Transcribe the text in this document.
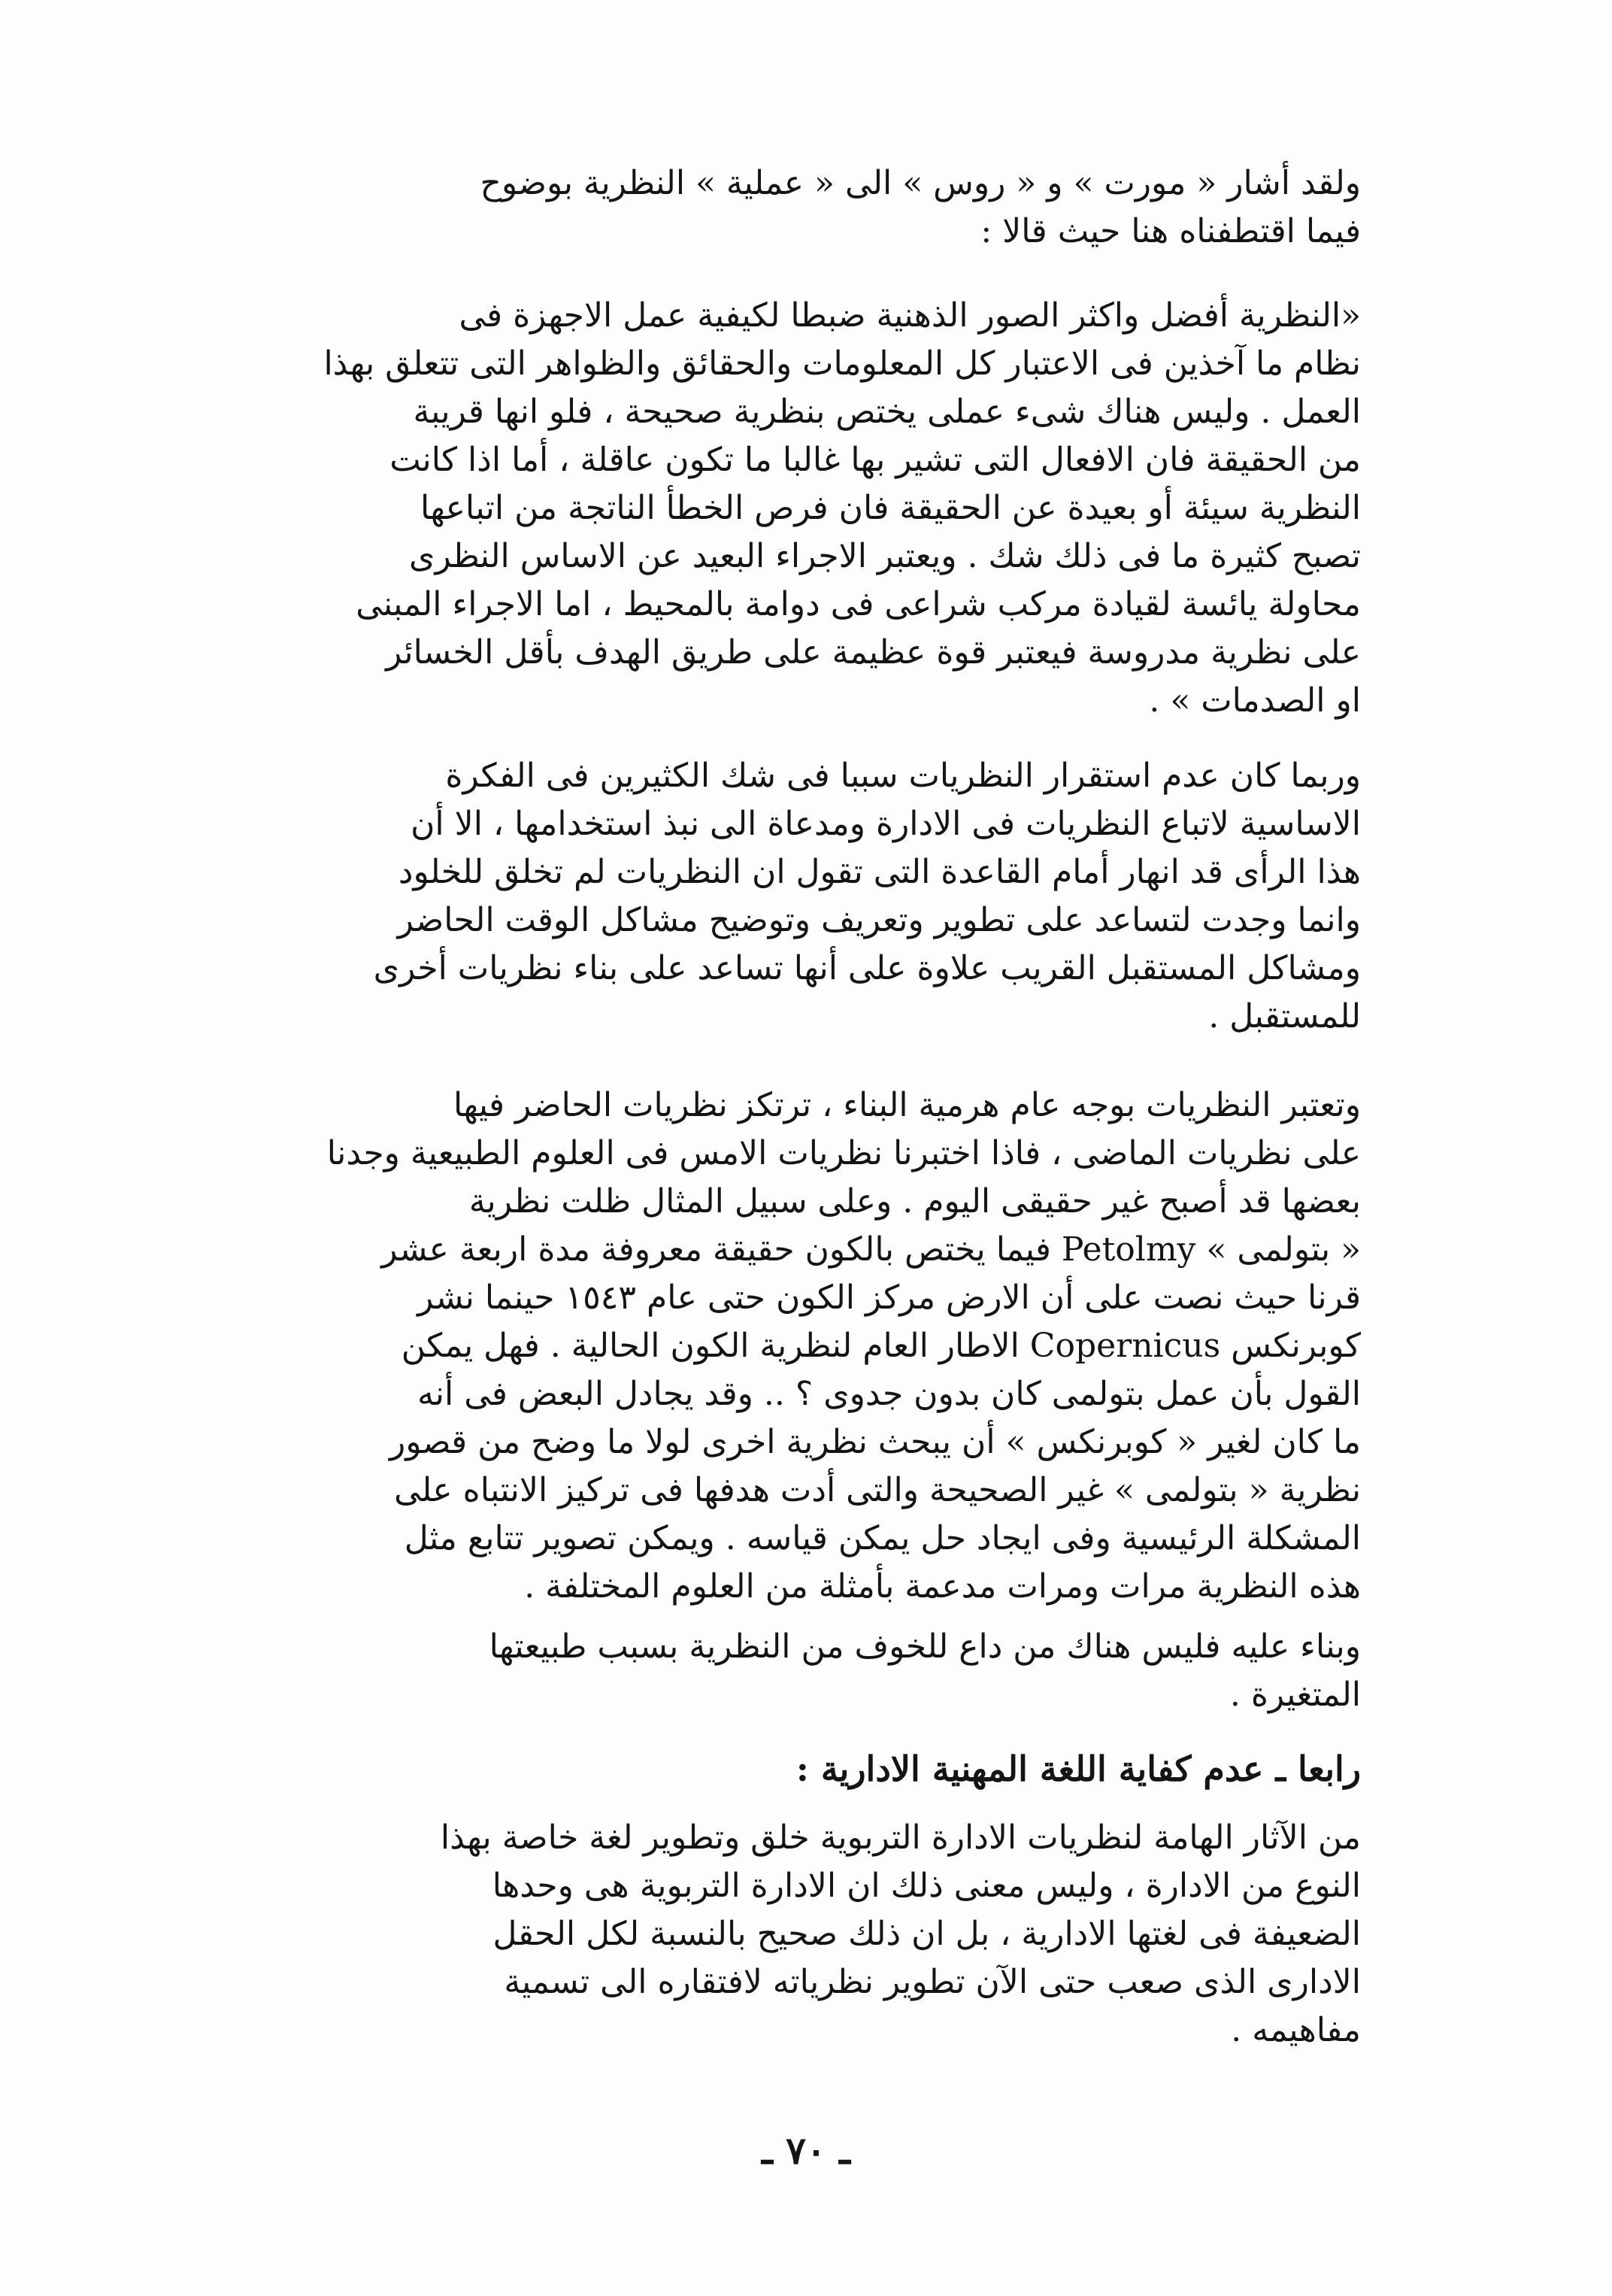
ولقد أشار « مورت » و « روس » الى « عملية » النظرية بوضوح
فيما اقتطفناه هنا حيث قالا :
«النظرية أفضل واكثر الصور الذهنية ضبطا لكيفية عمل الاجهزة فى
نظام ما آخذين فى الاعتبار كل المعلومات والحقائق والظواهر التى تتعلق بهذا
العمل . وليس هناك شىء عملى يختص بنظرية صحيحة ، فلو انها قريبة
من الحقيقة فان الافعال التى تشير بها غالبا ما تكون عاقلة ، أما اذا كانت
النظرية سيئة أو بعيدة عن الحقيقة فان فرص الخطأ الناتجة من اتباعها
تصبح كثيرة ما فى ذلك شك . ويعتبر الاجراء البعيد عن الاساس النظرى
محاولة يائسة لقيادة مركب شراعى فى دوامة بالمحيط ، اما الاجراء المبنى
على نظرية مدروسة فيعتبر قوة عظيمة على طريق الهدف بأقل الخسائر
او الصدمات » .
وربما كان عدم استقرار النظريات سببا فى شك الكثيرين فى الفكرة
الاساسية لاتباع النظريات فى الادارة ومدعاة الى نبذ استخدامها ، الا أن
هذا الرأى قد انهار أمام القاعدة التى تقول ان النظريات لم تخلق للخلود
وانما وجدت لتساعد على تطوير وتعريف وتوضيح مشاكل الوقت الحاضر
ومشاكل المستقبل القريب علاوة على أنها تساعد على بناء نظريات أخرى
للمستقبل .
وتعتبر النظريات بوجه عام هرمية البناء ، ترتكز نظريات الحاضر فيها
على نظريات الماضى ، فاذا اختبرنا نظريات الامس فى العلوم الطبيعية وجدنا
بعضها قد أصبح غير حقيقى اليوم . وعلى سبيل المثال ظلت نظرية
« بتولمى » Petolmy فيما يختص بالكون حقيقة معروفة مدة اربعة عشر
قرنا حيث نصت على أن الارض مركز الكون حتى عام ١٥٤٣ حينما نشر
كوبرنكس Copernicus الاطار العام لنظرية الكون الحالية . فهل يمكن
القول بأن عمل بتولمى كان بدون جدوى ؟ .. وقد يجادل البعض فى أنه
ما كان لغير « كوبرنكس » أن يبحث نظرية اخرى لولا ما وضح من قصور
نظرية « بتولمى » غير الصحيحة والتى أدت هدفها فى تركيز الانتباه على
المشكلة الرئيسية وفى ايجاد حل يمكن قياسه . ويمكن تصوير تتابع مثل
هذه النظرية مرات ومرات مدعمة بأمثلة من العلوم المختلفة .
وبناء عليه فليس هناك من داع للخوف من النظرية بسبب طبيعتها
المتغيرة .
رابعا ـ عدم كفاية اللغة المهنية الادارية :
من الآثار الهامة لنظريات الادارة التربوية خلق وتطوير لغة خاصة بهذا
النوع من الادارة ، وليس معنى ذلك ان الادارة التربوية هى وحدها
الضعيفة فى لغتها الادارية ، بل ان ذلك صحيح بالنسبة لكل الحقل
الادارى الذى صعب حتى الآن تطوير نظرياته لافتقاره الى تسمية
مفاهيمه .
ـ ٧٠ ـ
